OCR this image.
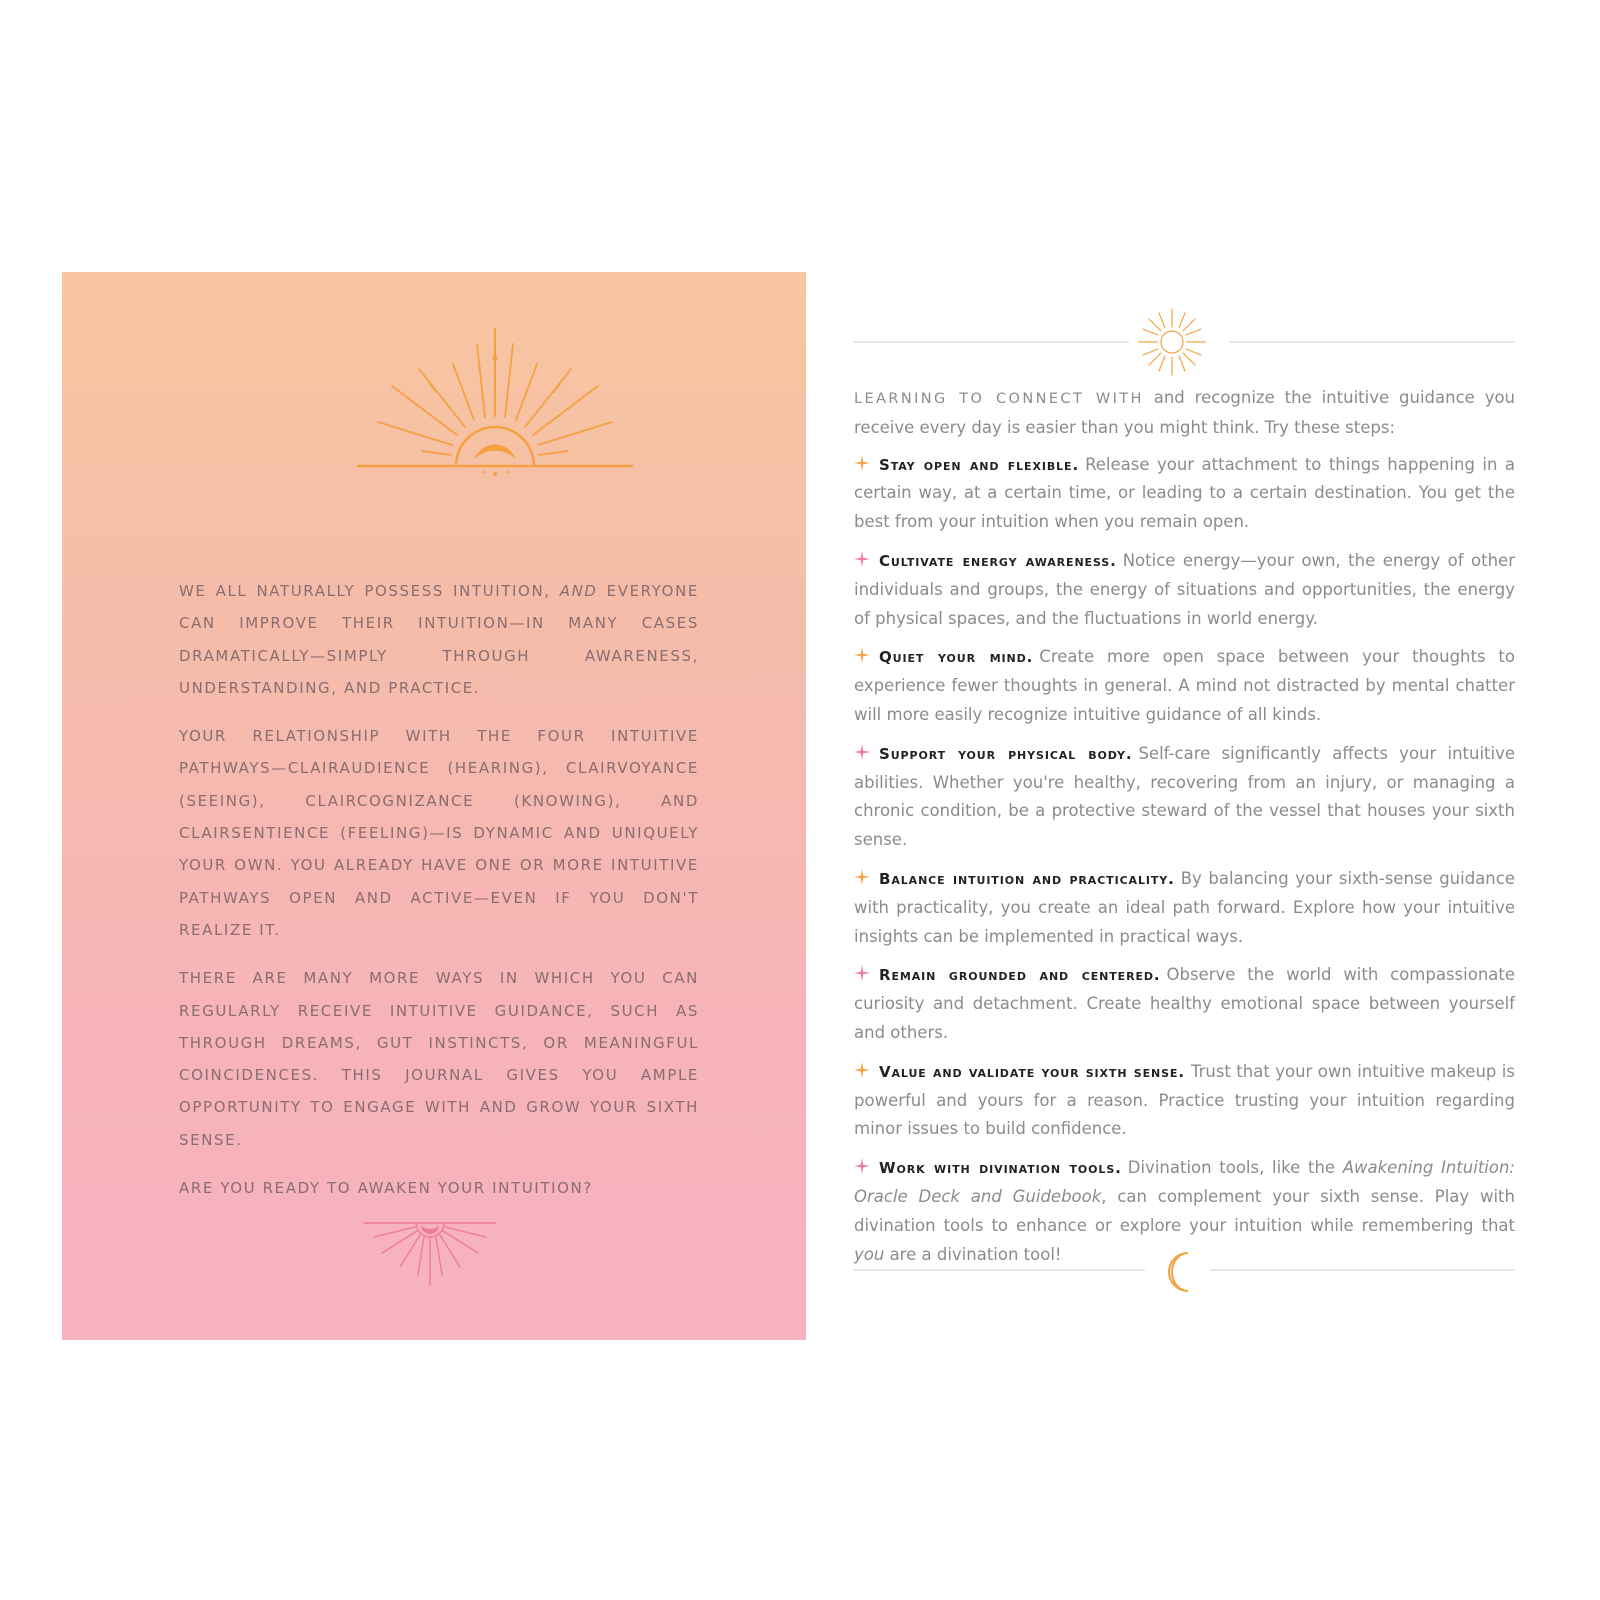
WE ALL NATURALLY POSSESS INTUITION, AND EVERYONE CAN IMPROVE THEIR INTUITION—IN MANY CASES DRAMATICALLY—SIMPLY THROUGH AWARENESS, UNDERSTANDING, AND PRACTICE.

YOUR RELATIONSHIP WITH THE FOUR INTUITIVE PATHWAYS—CLAIRAUDIENCE (HEARING), CLAIRVOYANCE (SEEING), CLAIRCOGNIZANCE (KNOWING), AND CLAIRSENTIENCE (FEELING)—IS DYNAMIC AND UNIQUELY YOUR OWN. YOU ALREADY HAVE ONE OR MORE INTUITIVE PATHWAYS OPEN AND ACTIVE—EVEN IF YOU DON'T REALIZE IT.

THERE ARE MANY MORE WAYS IN WHICH YOU CAN REGULARLY RECEIVE INTUITIVE GUIDANCE, SUCH AS THROUGH DREAMS, GUT INSTINCTS, OR MEANINGFUL COINCIDENCES. THIS JOURNAL GIVES YOU AMPLE OPPORTUNITY TO ENGAGE WITH AND GROW YOUR SIXTH SENSE.

ARE YOU READY TO AWAKEN YOUR INTUITION?

LEARNING TO CONNECT WITH and recognize the intuitive guidance you receive every day is easier than you might think. Try these steps:

Stay open and flexible. Release your attachment to things happening in a certain way, at a certain time, or leading to a certain destination. You get the best from your intuition when you remain open.

Cultivate energy awareness. Notice energy—your own, the energy of other individuals and groups, the energy of situations and opportunities, the energy of physical spaces, and the fluctuations in world energy.

Quiet your mind. Create more open space between your thoughts to experience fewer thoughts in general. A mind not distracted by mental chatter will more easily recognize intuitive guidance of all kinds.

Support your physical body. Self-care significantly affects your intuitive abilities. Whether you're healthy, recovering from an injury, or managing a chronic condition, be a protective steward of the vessel that houses your sixth sense.

Balance intuition and practicality. By balancing your sixth-sense guidance with practicality, you create an ideal path forward. Explore how your intuitive insights can be implemented in practical ways.

Remain grounded and centered. Observe the world with compassionate curiosity and detachment. Create healthy emotional space between yourself and others.

Value and validate your sixth sense. Trust that your own intuitive makeup is powerful and yours for a reason. Practice trusting your intuition regarding minor issues to build confidence.

Work with divination tools. Divination tools, like the Awakening Intuition: Oracle Deck and Guidebook, can complement your sixth sense. Play with divination tools to enhance or explore your intuition while remembering that you are a divination tool!
